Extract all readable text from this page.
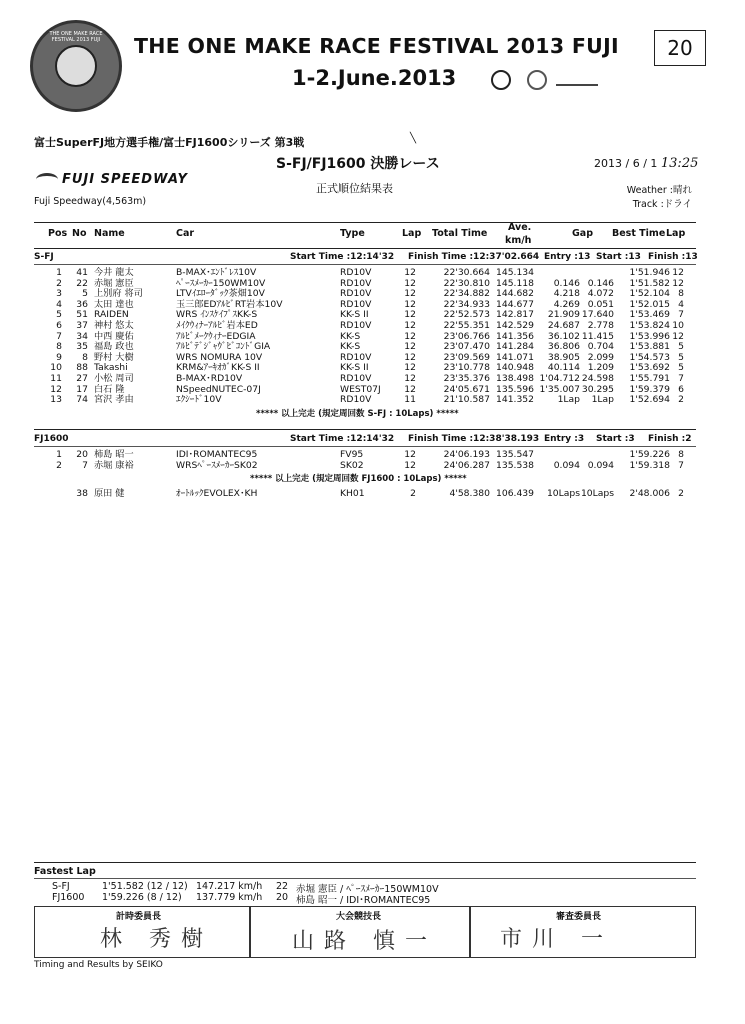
THE ONE MAKE RACE FESTIVAL 2013 FUJI	THE ONE MAKE RACE FESTIVAL 2013 FUJI
1-2.June.2013
20
富士SuperFJ地方選手権/富士FJ1600シリーズ 第3戦	╲
S-FJ/FJ1600 決勝レース	2013 / 6 / 1 13:25
FUJI SPEEDWAY
正式順位結果表	Weather :晴れ
Fuji Speedway(4,563m)	Track :ドライ
Pos No Name	Car	Type	Lap Total Time
Ave.
km/h
Gap Best Time Lap
S-FJ	Start Time :12:14'32 Finish Time :12:37'02.664 Entry :13 Start :13 Finish :13
1	41 今井 龍太	B-MAX･ｴﾝﾄﾞﾚｽ10V	RD10V	12	22'30.664 145.134	1'51.946 12
2	22 赤堀 憲臣	ﾍﾟｰｽﾒｰｶｰ150WM10V	RD10V	12	22'30.810 145.118	0.146 0.146	1'51.582 12
3	5 上別府 将司	LTVｲｴﾛｰﾀﾞｯｸ茶畑10V	RD10V	12	22'34.882 144.682	4.218 4.072	1'52.104 8
4	36 太田 達也	玉三郎EDｱﾙﾋﾞRT岩本10V	RD10V	12	22'34.933 144.677	4.269 0.051	1'52.015 4
5	51 RAIDEN	WRS ｲﾝｽｹｲﾌﾟｽKK-S	KK-S II	12	22'52.573 142.817	21.909 17.640	1'53.469 7
6	37 神村 悠太	ﾒｲｸｳｨﾅｰｱﾙﾋﾞ岩本ED	RD10V	12	22'55.351 142.529	24.687 2.778	1'53.824 10
7	34 中西 慶佑	ｱﾙﾋﾞﾒｰｸｳｨﾅｰEDGIA	KK-S	12	23'06.766 141.356	36.102 11.415	1'53.996 12
8	35 福島 政也	ｱﾙﾋﾞﾃﾞｼﾞｬｳﾞﾋﾞｺﾝﾄﾞGIA	KK-S	12	23'07.470 141.284	36.806 0.704	1'53.881 5
9	8 野村 大樹	WRS NOMURA 10V	RD10V	12	23'09.569 141.071	38.905 2.099	1'54.573 5
10	88 Takashi	KRM&ｱｰｷｵｶﾞKK-S II	KK-S II	12	23'10.778 140.948	40.114 1.209	1'53.692 5
11	27 小松 周司	B-MAX･RD10V	RD10V	12	23'35.376 138.498 1'04.712 24.598	1'55.791 7
12	17 白石 隆	NSpeedNUTEC-07J	WEST07J	12	24'05.671 135.596 1'35.007 30.295	1'59.379 6
13	74 宮沢 孝由	ｴｸｼｰﾄﾞ10V	RD10V	11	21'10.587 141.352	1Lap	1Lap	1'52.694 2
***** 以上完走 (規定周回数 S-FJ : 10Laps) *****
FJ1600	Start Time :12:14'32 Finish Time :12:38'38.193 Entry :3 Start :3 Finish :2
1	20 柿島 昭一	IDI･ROMANTEC95	FV95	12	24'06.193 135.547	1'59.226 8
2	7 赤堀 康裕	WRSﾍﾟｰｽﾒｰｶｰSK02	SK02	12	24'06.287 135.538	0.094 0.094	1'59.318 7
***** 以上完走 (規定周回数 FJ1600 : 10Laps) *****
38 原田 健	ｵｰﾄﾙｯｸEVOLEX･KH	KH01	2	4'58.380 106.439	10Laps 10Laps	2'48.006 2
Fastest Lap
S-FJ	1'51.582 (12 / 12) 147.217 km/h 22 赤堀 憲臣 / ﾍﾟｰｽﾒｰｶｰ150WM10V
FJ1600 1'59.226 (8 / 12) 137.779 km/h 20 柿島 昭一 / IDI･ROMANTEC95
計時委員長	大会競技長	審査委員長
林 秀樹	山路 慎一	市川 一
Timing and Results by SEIKO
